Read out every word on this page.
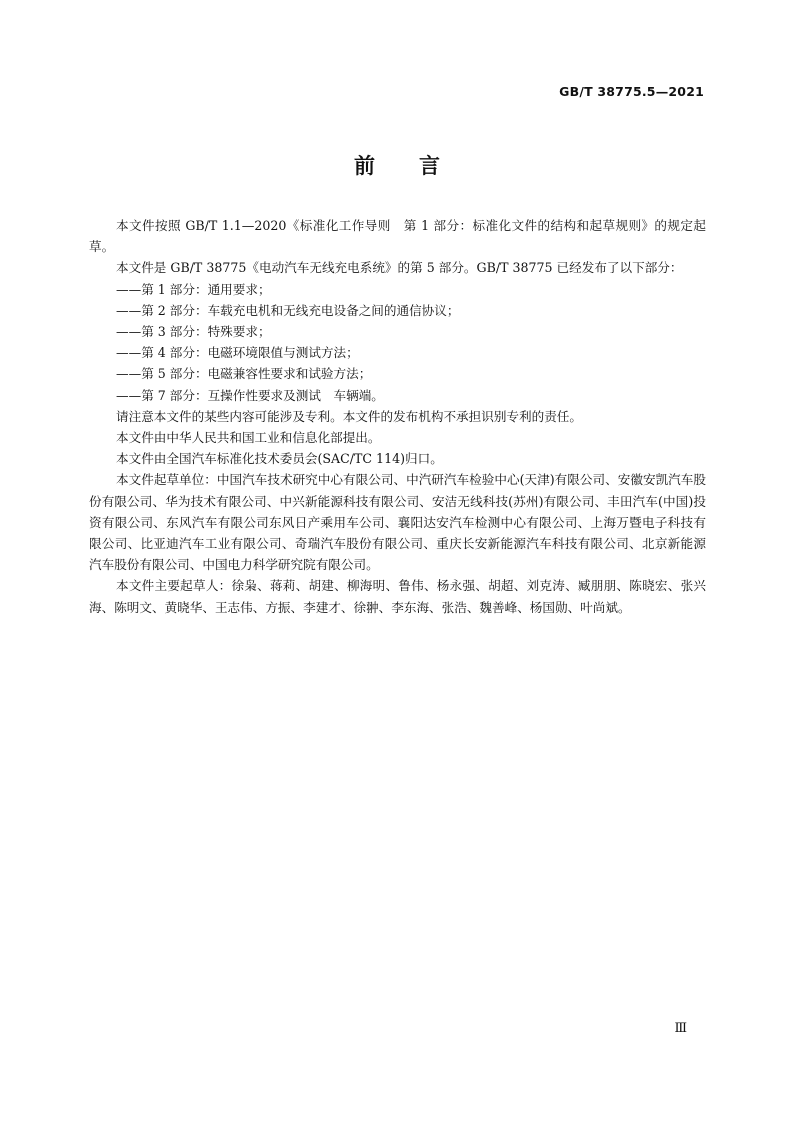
GB/T 38775.5—2021
前言

本文件按照 GB/T 1.1—2020《标准化工作导则　第 1 部分：标准化文件的结构和起草规则》的规定起草。

本文件是 GB/T 38775《电动汽车无线充电系统》的第 5 部分。GB/T 38775 已经发布了以下部分：

——第 1 部分：通用要求；

——第 2 部分：车载充电机和无线充电设备之间的通信协议；

——第 3 部分：特殊要求；

——第 4 部分：电磁环境限值与测试方法；

——第 5 部分：电磁兼容性要求和试验方法；

——第 7 部分：互操作性要求及测试　车辆端。

请注意本文件的某些内容可能涉及专利。本文件的发布机构不承担识别专利的责任。

本文件由中华人民共和国工业和信息化部提出。

本文件由全国汽车标准化技术委员会(SAC/TC 114)归口。

本文件起草单位：中国汽车技术研究中心有限公司、中汽研汽车检验中心(天津)有限公司、安徽安凯汽车股份有限公司、华为技术有限公司、中兴新能源科技有限公司、安洁无线科技(苏州)有限公司、丰田汽车(中国)投资有限公司、东风汽车有限公司东风日产乘用车公司、襄阳达安汽车检测中心有限公司、上海万暨电子科技有限公司、比亚迪汽车工业有限公司、奇瑞汽车股份有限公司、重庆长安新能源汽车科技有限公司、北京新能源汽车股份有限公司、中国电力科学研究院有限公司。

本文件主要起草人：徐枭、蒋莉、胡建、柳海明、鲁伟、杨永强、胡超、刘克涛、臧朋朋、陈晓宏、张兴海、陈明文、黄晓华、王志伟、方振、李建才、徐翀、李东海、张浩、魏善峰、杨国勋、叶尚斌。

Ⅲ
